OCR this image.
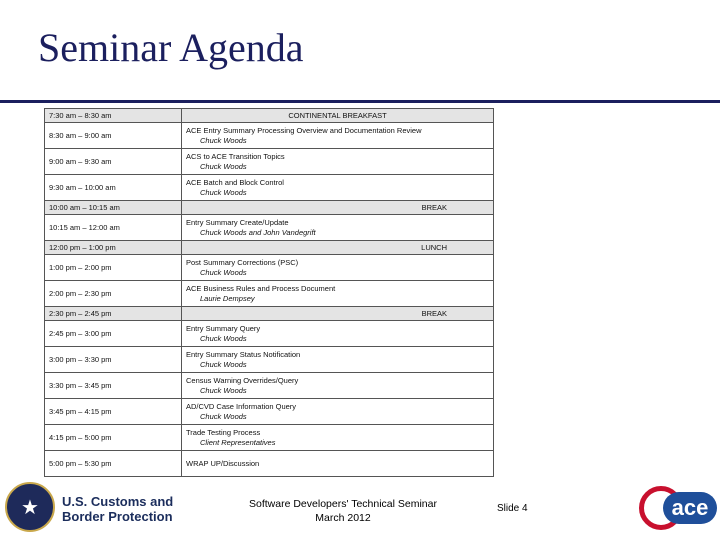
Seminar Agenda
7:30 am – 8:30 am	CONTINENTAL BREAKFAST
8:30 am – 9:00 am	ACE Entry Summary Processing Overview and Documentation Review
Chuck Woods

9:00 am – 9:30 am	ACS to ACE Transition Topics
Chuck Woods

9:30 am – 10:00 am	ACE Batch and Block Control
Chuck Woods

10:00 am – 10:15 am	BREAK
10:15 am – 12:00 am	Entry Summary Create/Update
Chuck Woods and John Vandegrift

12:00 pm – 1:00 pm	LUNCH
1:00 pm – 2:00 pm	Post Summary Corrections (PSC)
Chuck Woods

2:00 pm – 2:30 pm	ACE Business Rules and Process Document
Laurie Dempsey

2:30 pm – 2:45 pm	BREAK
2:45 pm – 3:00 pm	Entry Summary Query
Chuck Woods

3:00 pm – 3:30 pm	Entry Summary Status Notification
Chuck Woods

3:30 pm – 3:45 pm	Census Warning Overrides/Query
Chuck Woods

3:45 pm – 4:15 pm	AD/CVD Case Information Query
Chuck Woods

4:15 pm – 5:00 pm	Trade Testing Process
Client Representatives

5:00 pm – 5:30 pm	WRAP UP/Discussion
★	U.S. Customs and
Border Protection
Software Developers' Technical Seminar
March 2012
Slide 4	ace
